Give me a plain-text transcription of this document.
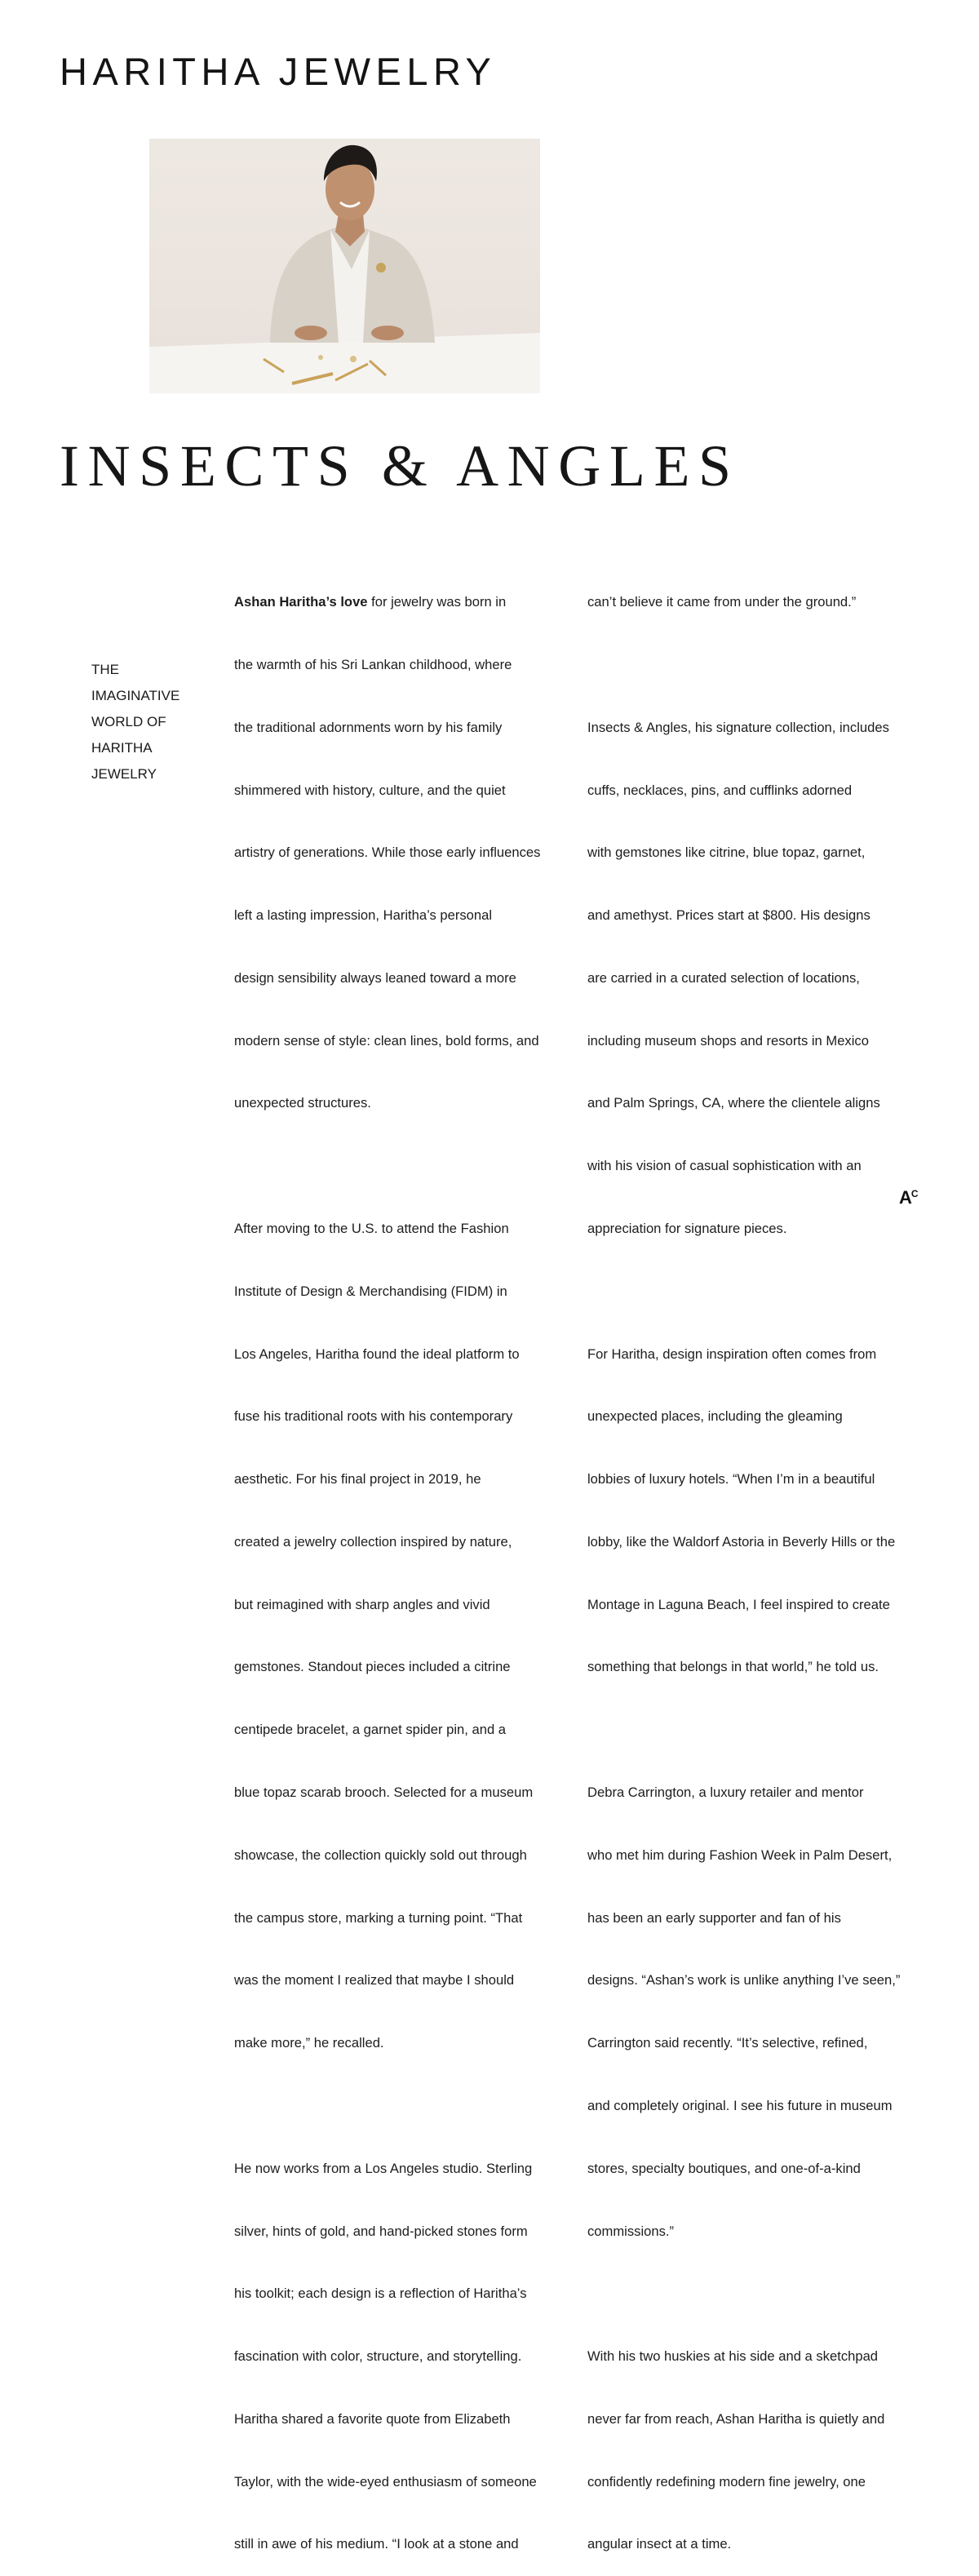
HARITHA JEWELRY
INSECTS & ANGLES
THE
IMAGINATIVE
WORLD OF
HARITHA
JEWELRY

Ashan Haritha’s love for jewelry was born in

the warmth of his Sri Lankan childhood, where

the traditional adornments worn by his family

shimmered with history, culture, and the quiet

artistry of generations. While those early influences

left a lasting impression, Haritha’s personal

design sensibility always leaned toward a more

modern sense of style: clean lines, bold forms, and

unexpected structures.

After moving to the U.S. to attend the Fashion

Institute of Design & Merchandising (FIDM) in

Los Angeles, Haritha found the ideal platform to

fuse his traditional roots with his contemporary

aesthetic. For his final project in 2019, he

created a jewelry collection inspired by nature,

but reimagined with sharp angles and vivid

gemstones. Standout pieces included a citrine

centipede bracelet, a garnet spider pin, and a

blue topaz scarab brooch. Selected for a museum

showcase, the collection quickly sold out through

the campus store, marking a turning point. “That

was the moment I realized that maybe I should

make more,” he recalled.

He now works from a Los Angeles studio. Sterling

silver, hints of gold, and hand-picked stones form

his toolkit; each design is a reflection of Haritha’s

fascination with color, structure, and storytelling.

Haritha shared a favorite quote from Elizabeth

Taylor, with the wide-eyed enthusiasm of someone

still in awe of his medium. “I look at a stone and

can’t believe it came from under the ground.”

Insects & Angles, his signature collection, includes

cuffs, necklaces, pins, and cufflinks adorned

with gemstones like citrine, blue topaz, garnet,

and amethyst. Prices start at $800. His designs

are carried in a curated selection of locations,

including museum shops and resorts in Mexico

and Palm Springs, CA, where the clientele aligns

with his vision of casual sophistication with an

appreciation for signature pieces.

For Haritha, design inspiration often comes from

unexpected places, including the gleaming

lobbies of luxury hotels. “When I’m in a beautiful

lobby, like the Waldorf Astoria in Beverly Hills or the

Montage in Laguna Beach, I feel inspired to create

something that belongs in that world,” he told us.

Debra Carrington, a luxury retailer and mentor

who met him during Fashion Week in Palm Desert,

has been an early supporter and fan of his

designs. “Ashan’s work is unlike anything I’ve seen,”

Carrington said recently. “It’s selective, refined,

and completely original. I see his future in museum

stores, specialty boutiques, and one-of-a-kind

commissions.”

With his two huskies at his side and a sketchpad

never far from reach, Ashan Haritha is quietly and

confidently redefining modern fine jewelry, one

angular insect at a time.

$A^C$
